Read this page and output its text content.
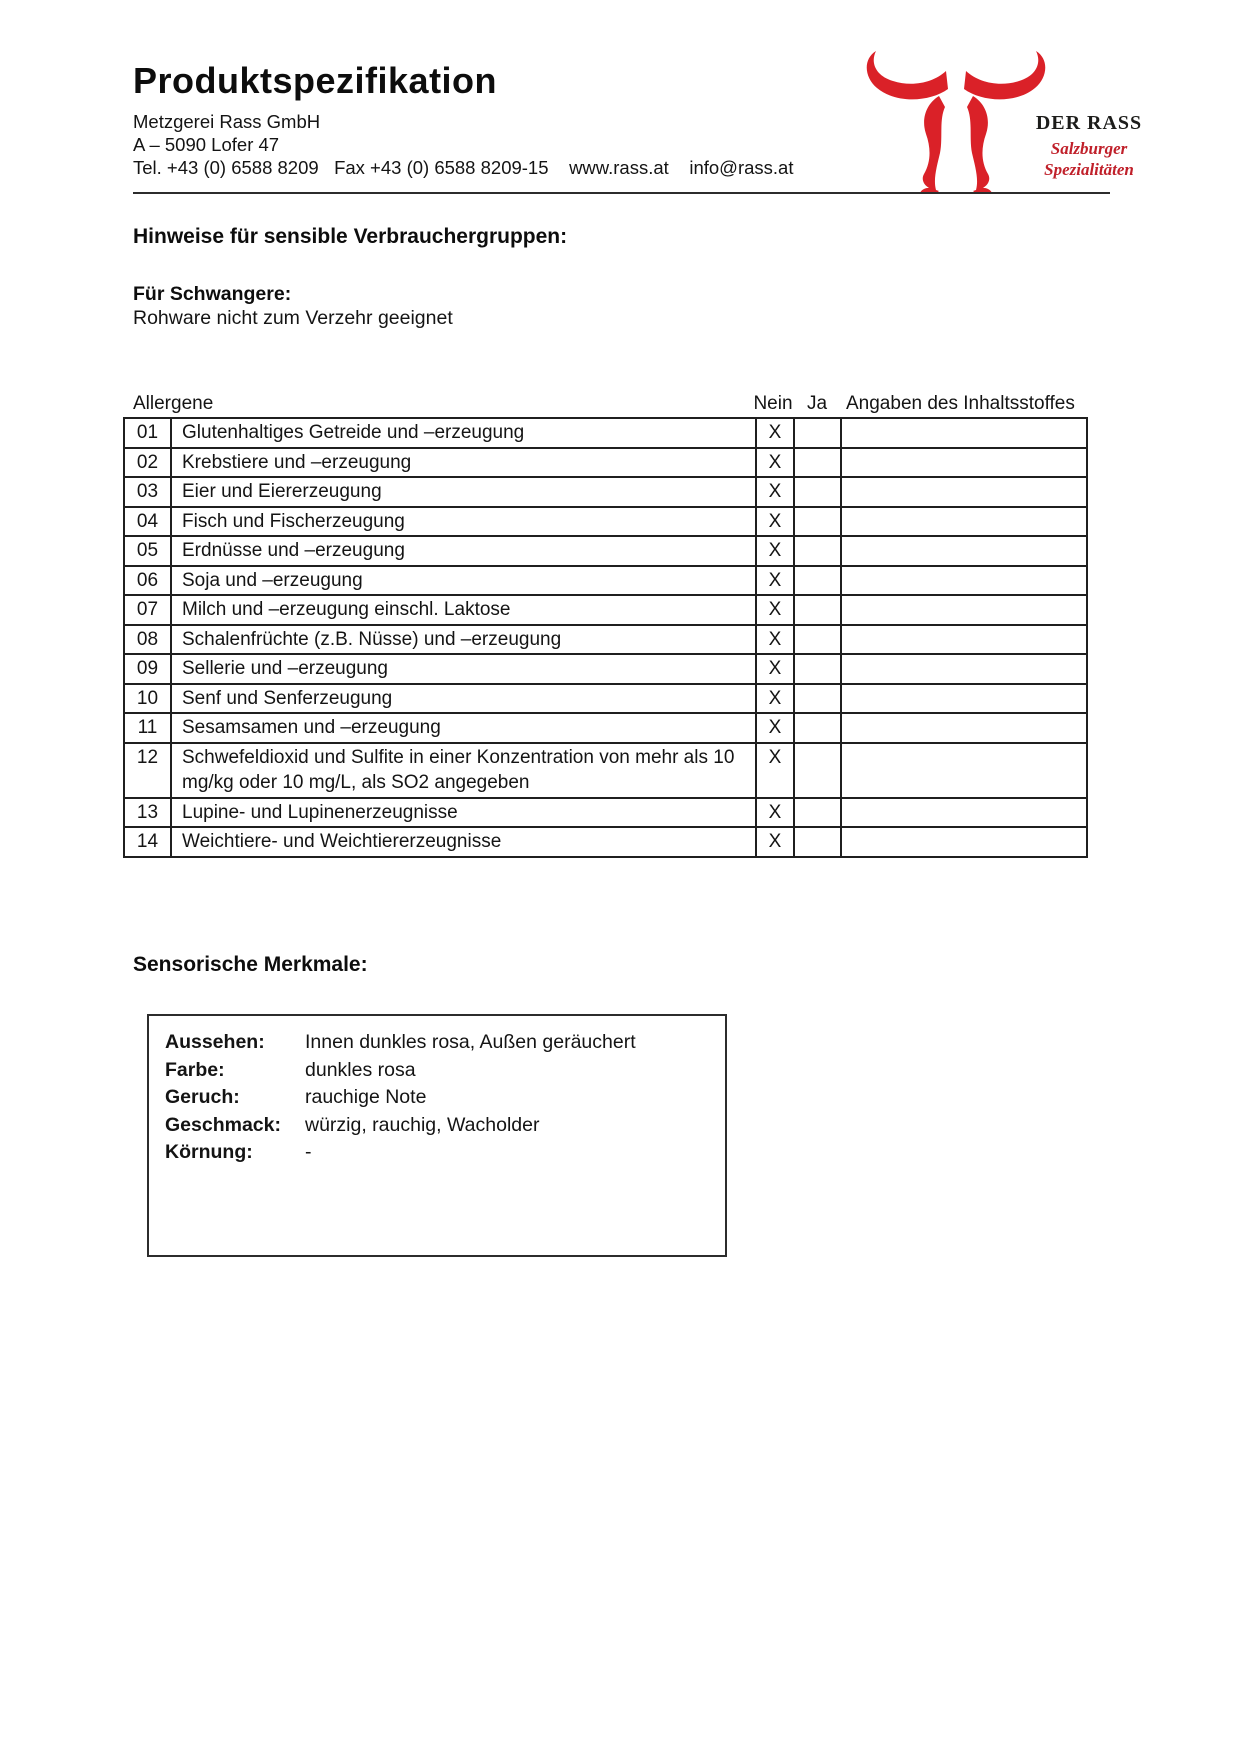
Produktspezifikation
Metzgerei Rass GmbH
A – 5090 Lofer 47
Tel. +43 (0) 6588 8209   Fax +43 (0) 6588 8209-15    www.rass.at    info@rass.at
DER RASS
Salzburger
Spezialitäten
Hinweise für sensible Verbrauchergruppen:
Für Schwangere:
Rohware nicht zum Verzehr geeignet
Allergene	Nein Ja Angaben des Inhaltsstoffes
01	Glutenhaltiges Getreide und –erzeugung	X		
02	Krebstiere und –erzeugung	X		
03	Eier und Eiererzeugung	X		
04	Fisch und Fischerzeugung	X		
05	Erdnüsse und –erzeugung	X		
06	Soja und –erzeugung	X		
07	Milch und –erzeugung einschl. Laktose	X		
08	Schalenfrüchte (z.B. Nüsse) und –erzeugung	X		
09	Sellerie und –erzeugung	X		
10	Senf und Senferzeugung	X		
11	Sesamsamen und –erzeugung	X		
12	Schwefeldioxid und Sulfite in einer Konzentration von mehr als 10 mg/kg oder 10 mg/L, als SO2 angegeben	X		
13	Lupine- und Lupinenerzeugnisse	X		
14	Weichtiere- und Weichtiererzeugnisse	X		
Sensorische Merkmale:
Aussehen:	Innen dunkles rosa, Außen geräuchert
Farbe:	dunkles rosa
Geruch:	rauchige Note
Geschmack:	würzig, rauchig, Wacholder
Körnung:	-
